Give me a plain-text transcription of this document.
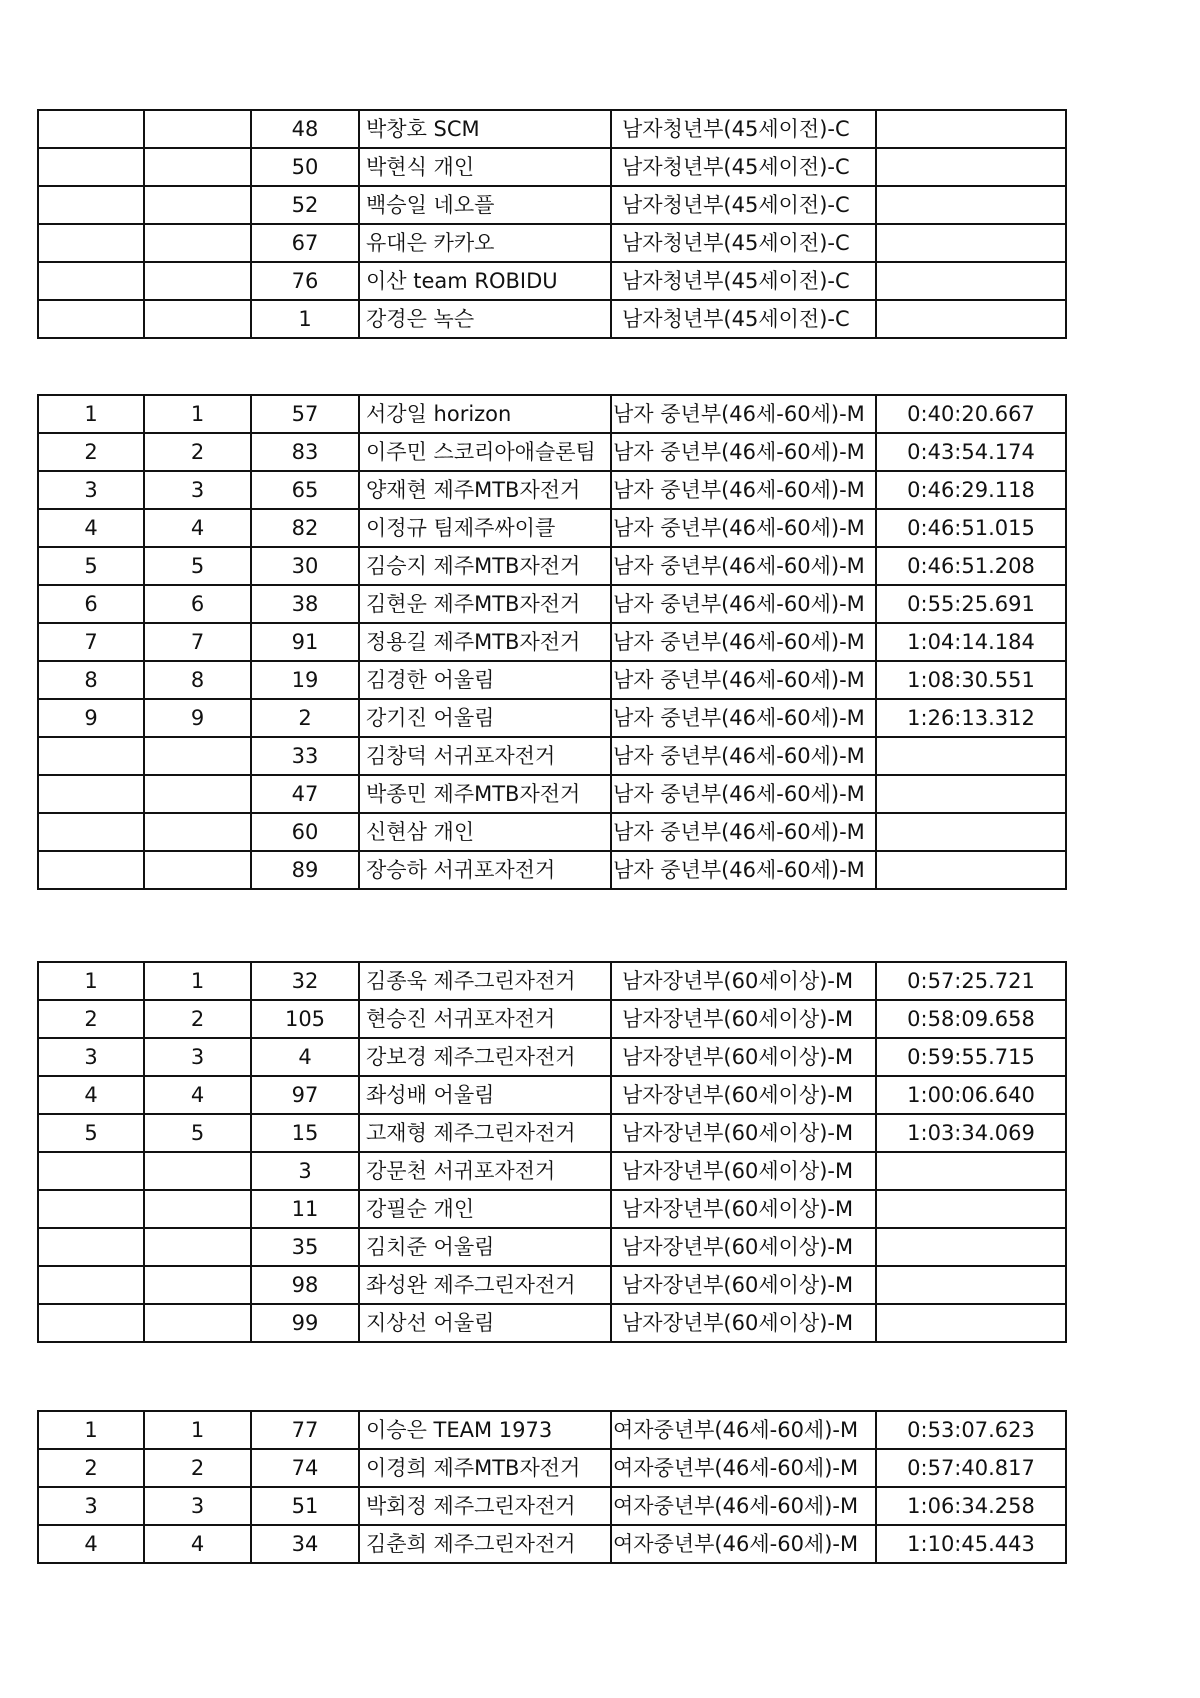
		48	박창호 SCM	남자청년부(45세이전)-C	
		50	박현식 개인	남자청년부(45세이전)-C	
		52	백승일 네오플	남자청년부(45세이전)-C	
		67	유대은 카카오	남자청년부(45세이전)-C	
		76	이산 team ROBIDU	남자청년부(45세이전)-C	
		1	강경은 녹슨	남자청년부(45세이전)-C	
1	1	57	서강일 horizon	남자 중년부(46세-60세)-M	0:40:20.667
2	2	83	이주민 스코리아애슬론팀	남자 중년부(46세-60세)-M	0:43:54.174
3	3	65	양재현 제주MTB자전거	남자 중년부(46세-60세)-M	0:46:29.118
4	4	82	이정규 팀제주싸이클	남자 중년부(46세-60세)-M	0:46:51.015
5	5	30	김승지 제주MTB자전거	남자 중년부(46세-60세)-M	0:46:51.208
6	6	38	김현운 제주MTB자전거	남자 중년부(46세-60세)-M	0:55:25.691
7	7	91	정용길 제주MTB자전거	남자 중년부(46세-60세)-M	1:04:14.184
8	8	19	김경한 어울림	남자 중년부(46세-60세)-M	1:08:30.551
9	9	2	강기진 어울림	남자 중년부(46세-60세)-M	1:26:13.312
		33	김창덕 서귀포자전거	남자 중년부(46세-60세)-M	
		47	박종민 제주MTB자전거	남자 중년부(46세-60세)-M	
		60	신현삼 개인	남자 중년부(46세-60세)-M	
		89	장승하 서귀포자전거	남자 중년부(46세-60세)-M	
1	1	32	김종욱 제주그린자전거	남자장년부(60세이상)-M	0:57:25.721
2	2	105	현승진 서귀포자전거	남자장년부(60세이상)-M	0:58:09.658
3	3	4	강보경 제주그린자전거	남자장년부(60세이상)-M	0:59:55.715
4	4	97	좌성배 어울림	남자장년부(60세이상)-M	1:00:06.640
5	5	15	고재형 제주그린자전거	남자장년부(60세이상)-M	1:03:34.069
		3	강문천 서귀포자전거	남자장년부(60세이상)-M	
		11	강필순 개인	남자장년부(60세이상)-M	
		35	김치준 어울림	남자장년부(60세이상)-M	
		98	좌성완 제주그린자전거	남자장년부(60세이상)-M	
		99	지상선 어울림	남자장년부(60세이상)-M	
1	1	77	이승은 TEAM 1973	여자중년부(46세-60세)-M	0:53:07.623
2	2	74	이경희 제주MTB자전거	여자중년부(46세-60세)-M	0:57:40.817
3	3	51	박회정 제주그린자전거	여자중년부(46세-60세)-M	1:06:34.258
4	4	34	김춘희 제주그린자전거	여자중년부(46세-60세)-M	1:10:45.443
